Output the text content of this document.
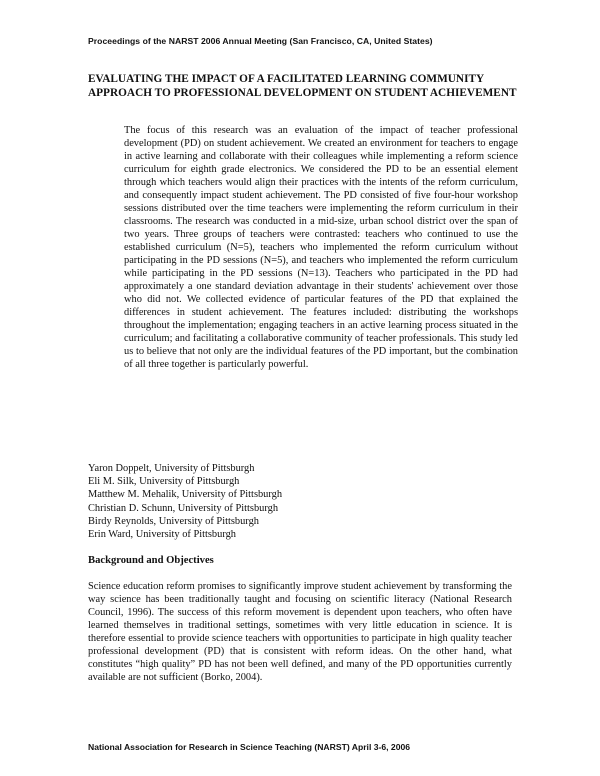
Proceedings of the NARST 2006 Annual Meeting (San Francisco, CA, United States)
EVALUATING THE IMPACT OF A FACILITATED LEARNING COMMUNITY APPROACH TO PROFESSIONAL DEVELOPMENT ON STUDENT ACHIEVEMENT
The focus of this research was an evaluation of the impact of teacher professional development (PD) on student achievement. We created an environment for teachers to engage in active learning and collaborate with their colleagues while implementing a reform science curriculum for eighth grade electronics. We considered the PD to be an essential element through which teachers would align their practices with the intents of the reform curriculum, and consequently impact student achievement. The PD consisted of five four-hour workshop sessions distributed over the time teachers were implementing the reform curriculum in their classrooms. The research was conducted in a mid-size, urban school district over the span of two years. Three groups of teachers were contrasted: teachers who continued to use the established curriculum (N=5), teachers who implemented the reform curriculum without participating in the PD sessions (N=5), and teachers who implemented the reform curriculum while participating in the PD sessions (N=13). Teachers who participated in the PD had approximately a one standard deviation advantage in their students' achievement over those who did not. We collected evidence of particular features of the PD that explained the differences in student achievement. The features included: distributing the workshops throughout the implementation; engaging teachers in an active learning process situated in the curriculum; and facilitating a collaborative community of teacher professionals. This study led us to believe that not only are the individual features of the PD important, but the combination of all three together is particularly powerful.
Yaron Doppelt, University of Pittsburgh
Eli M. Silk, University of Pittsburgh
Matthew M. Mehalik, University of Pittsburgh
Christian D. Schunn, University of Pittsburgh
Birdy Reynolds, University of Pittsburgh
Erin Ward, University of Pittsburgh
Background and Objectives
Science education reform promises to significantly improve student achievement by transforming the way science has been traditionally taught and focusing on scientific literacy (National Research Council, 1996). The success of this reform movement is dependent upon teachers, who often have learned themselves in traditional settings, sometimes with very little education in science. It is therefore essential to provide science teachers with opportunities to participate in high quality teacher professional development (PD) that is consistent with reform ideas. On the other hand, what constitutes “high quality” PD has not been well defined, and many of the PD opportunities currently available are not sufficient (Borko, 2004).
National Association for Research in Science Teaching (NARST) April 3-6, 2006
